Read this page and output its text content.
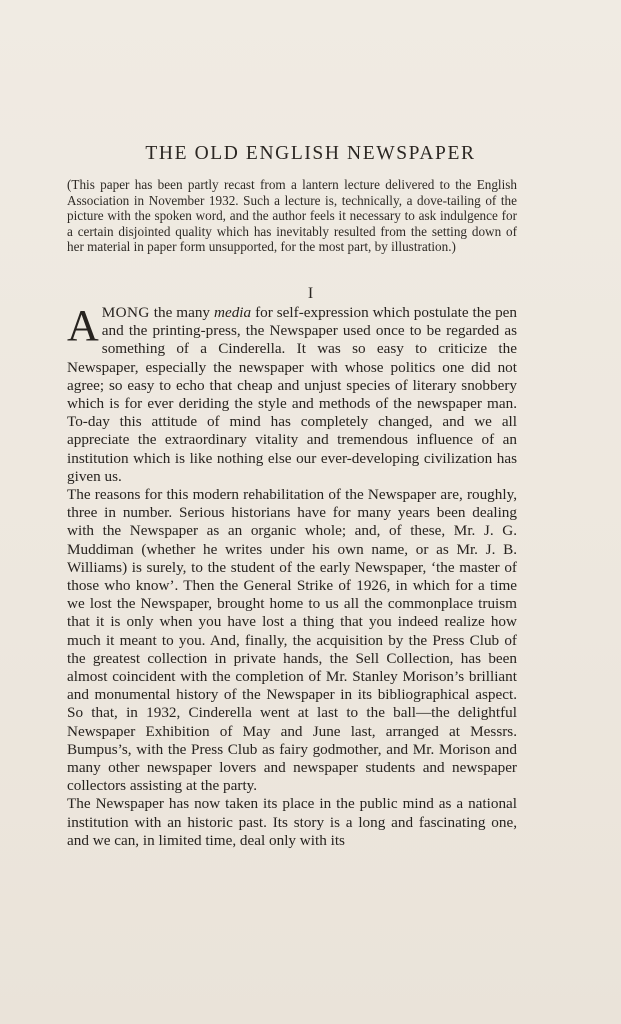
THE OLD ENGLISH NEWSPAPER
(This paper has been partly recast from a lantern lecture delivered to the English Association in November 1932. Such a lecture is, technically, a dove-tailing of the picture with the spoken word, and the author feels it necessary to ask indulgence for a certain disjointed quality which has inevitably resulted from the setting down of her material in paper form unsupported, for the most part, by illustration.)
I

AMONG the many media for self-expression which postulate the pen and the printing-press, the Newspaper used once to be regarded as something of a Cinderella. It was so easy to criticize the Newspaper, especially the newspaper with whose politics one did not agree; so easy to echo that cheap and unjust species of literary snobbery which is for ever deriding the style and methods of the newspaper man. To-day this attitude of mind has completely changed, and we all appreciate the extraordinary vitality and tremendous influence of an institution which is like nothing else our ever-developing civilization has given us.

The reasons for this modern rehabilitation of the Newspaper are, roughly, three in number. Serious historians have for many years been dealing with the Newspaper as an organic whole; and, of these, Mr. J. G. Muddiman (whether he writes under his own name, or as Mr. J. B. Williams) is surely, to the student of the early Newspaper, ‘the master of those who know’. Then the General Strike of 1926, in which for a time we lost the Newspaper, brought home to us all the commonplace truism that it is only when you have lost a thing that you indeed realize how much it meant to you. And, finally, the acquisition by the Press Club of the greatest collection in private hands, the Sell Collection, has been almost coincident with the completion of Mr. Stanley Morison’s brilliant and monumental history of the Newspaper in its bibliographical aspect. So that, in 1932, Cinderella went at last to the ball—the delightful Newspaper Exhibition of May and June last, arranged at Messrs. Bumpus’s, with the Press Club as fairy godmother, and Mr. Morison and many other newspaper lovers and newspaper students and newspaper collectors assisting at the party.

The Newspaper has now taken its place in the public mind as a national institution with an historic past. Its story is a long and fascinating one, and we can, in limited time, deal only with its
